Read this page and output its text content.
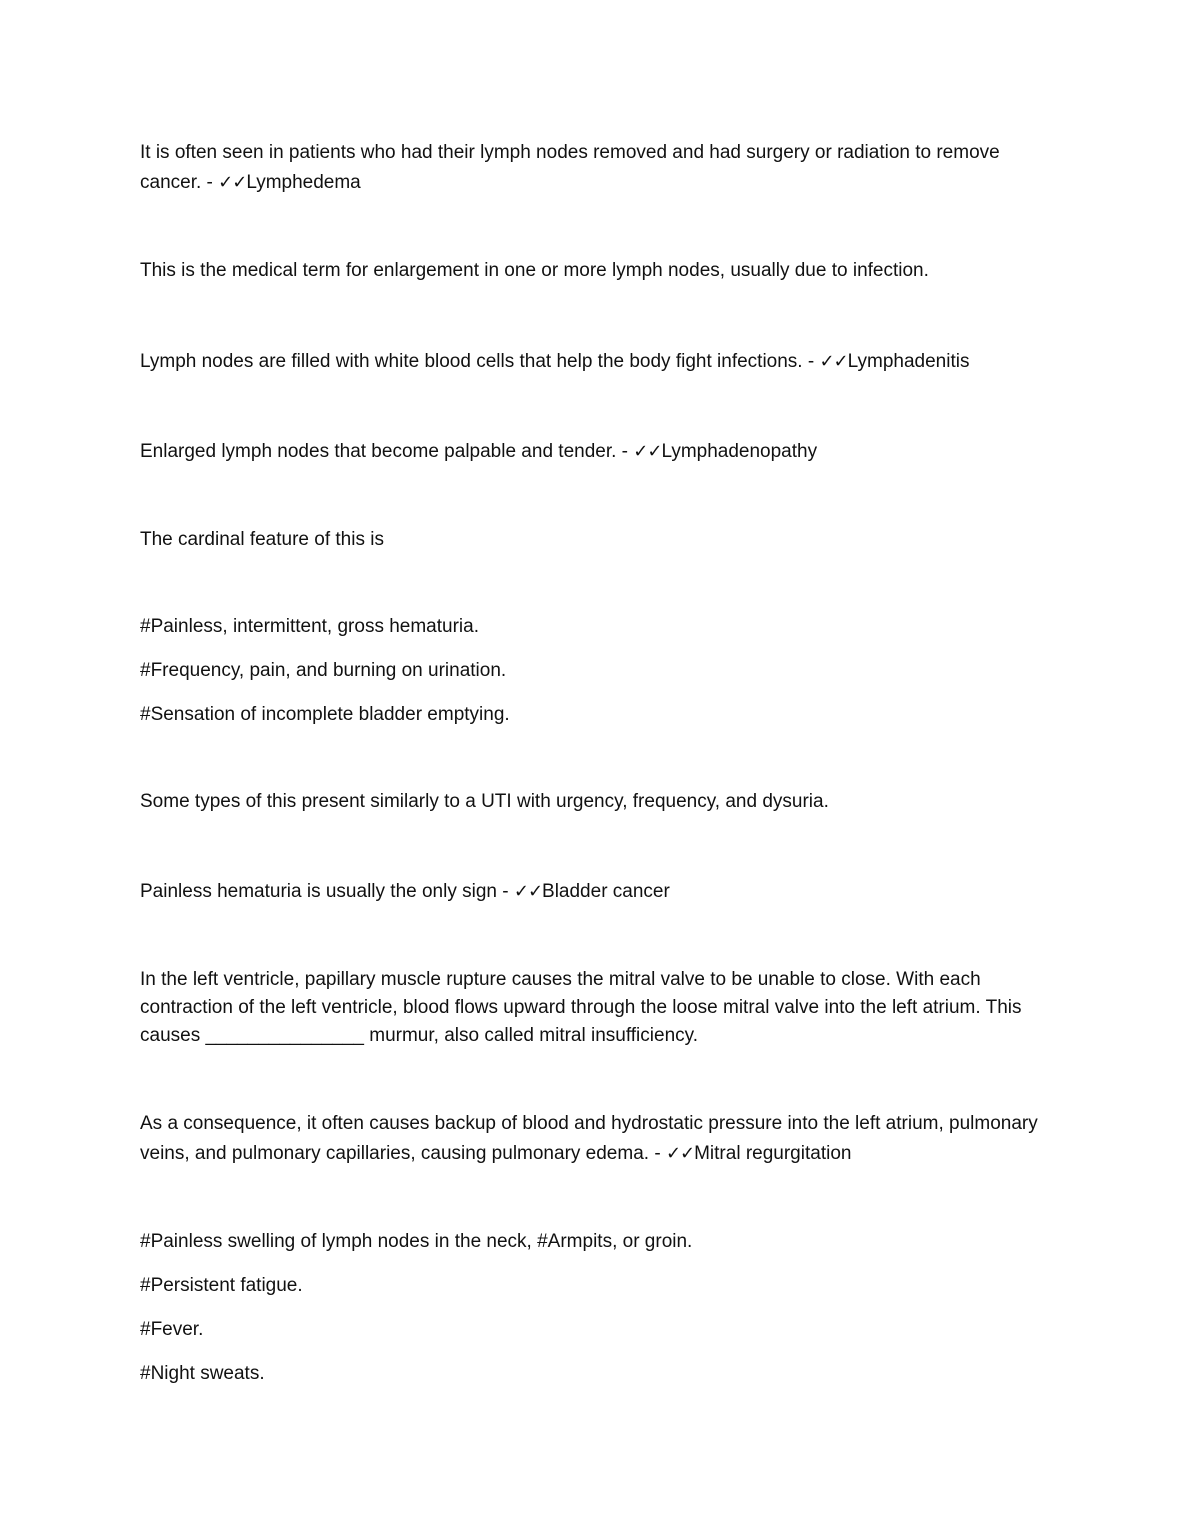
It is often seen in patients who had their lymph nodes removed and had surgery or radiation to remove cancer. - ✓✓Lymphedema

This is the medical term for enlargement in one or more lymph nodes, usually due to infection.

Lymph nodes are filled with white blood cells that help the body fight infections. - ✓✓Lymphadenitis

Enlarged lymph nodes that become palpable and tender. - ✓✓Lymphadenopathy

The cardinal feature of this is

#Painless, intermittent, gross hematuria.

#Frequency, pain, and burning on urination.

#Sensation of incomplete bladder emptying.

Some types of this present similarly to a UTI with urgency, frequency, and dysuria.

Painless hematuria is usually the only sign - ✓✓Bladder cancer

In the left ventricle, papillary muscle rupture causes the mitral valve to be unable to close. With each contraction of the left ventricle, blood flows upward through the loose mitral valve into the left atrium. This causes _______________ murmur, also called mitral insufficiency.

As a consequence, it often causes backup of blood and hydrostatic pressure into the left atrium, pulmonary veins, and pulmonary capillaries, causing pulmonary edema. - ✓✓Mitral regurgitation

#Painless swelling of lymph nodes in the neck, #Armpits, or groin.

#Persistent fatigue.

#Fever.

#Night sweats.
